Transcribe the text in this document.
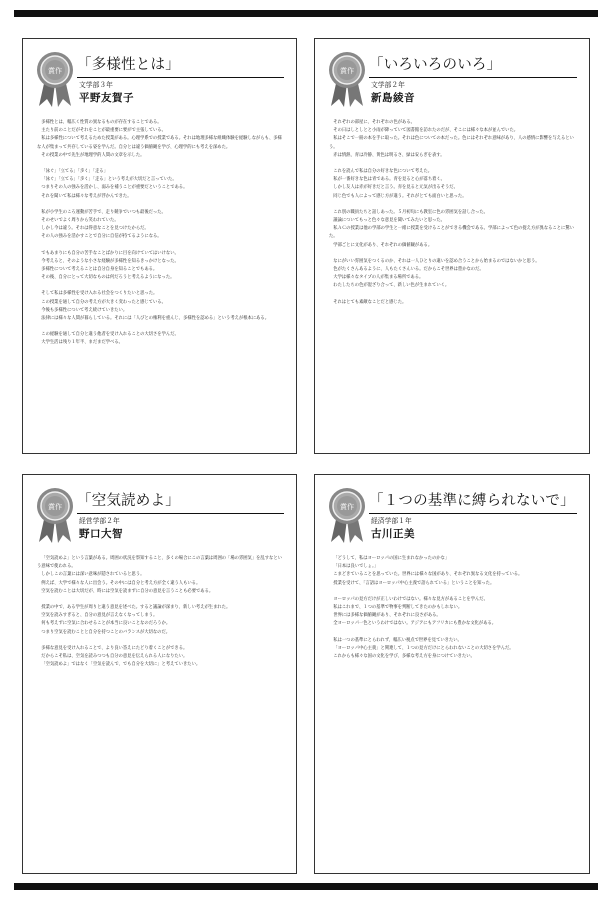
賞作 「多様性とは」
文学部３年
平野友賀子

多様性とは、幅広く性質の異なるものが存在することである。

主たり前のことだがそれをことが最重要に要がで主張している。

私は多様性について考えるためた授業がある。心理学系での授業である。それは地理多様な組織体験を経験しながらも、多様な人が集まって共存している姿を学んだ。自分とは違う価値観を学び、心理学的にも考えを深めた。

その授業の中で先生が地理学的人間の文章を示した。

「泳ぐ」「立てる」「歩く」「走る」

「泳ぐ」「立てる」「歩く」「走る」という考えが大切だと言っていた。

つまりその人の強みを活かし、弱みを補うことが重要だということである。

それを聞いて私は様々な考えが浮かんできた。

私が小学生のころ運動が苦手で、走り競争でいつも最後だった。

そのせいでよく周りから笑われていた。

しかし今は違う。それは得意なことを見つけたからだ。

その人の強みを活かすことで自分に自信が持てるようになる。

でもあまりにも自分の苦手なことばかりに目を向けていてはいけない。

今考えると、そのような小さな経験が多様性を知るきっかけとなった。

多様性について考えることは自分自身を知ることでもある。

その後、自分にとって大切なものは何だろうと考えるようになった。

そして私は多様性を受け入れる社会をつくりたいと思った。

この授業を通して自分の考え方が大きく変わったと感じている。

今後も多様性について考え続けていきたい。

法律には様々な人間が暮らしている。それには「人びとの権利を重んじ、多様性を認める」という考えが根本にある。

この経験を通して自分と違う他者を受け入れることの大切さを学んだ。

大学生活は残り１年半、まだまだ学べる。

賞作 「いろいろのいろ」
文学部２年
新島綾音

それぞれの部屋に、それぞれの色がある。

その日はしとしとと小雨が降っていて図書館を訪れたのだが、そこには様々な本が並んでいた。

私はそこで一冊の本を手に取った。それは色についての本だった。色にはそれぞれ意味があり、人の感情に影響を与えるという。

赤は情熱、青は冷静、黄色は明るさ、緑は安らぎを表す。

これを読んで私は自分の好きな色について考えた。

私が一番好きな色は青である。青を見ると心が落ち着く。

しかし友人は赤が好きだと言う。赤を見ると元気が出るそうだ。

同じ色でも人によって感じ方が違う。それがとても面白いと思った。

これ別の職員たちと話しあった。５月初旬にも教室に色の雰囲気を話し合った。

議論についてもっと色々な意見を聞いてみたいと思った。

私ＡＣの授業は他の学部の学生と一緒に授業を受けることができる機会である。学部によって色の捉え方が異なることに驚いた。

学部ごとに文化があり、それぞれの価値観がある。

なにがいい雰囲気をつくるのか、それは一人ひとりの違いを認め合うことから始まるのではないかと思う。

色がたくさんあるように、人もたくさんいる。だからこそ世界は豊かなのだ。

大学は様々なタイプの人が集まる場所である。

わたしたちの色が混ざり合って、新しい色が生まれていく。

それはとても素敵なことだと感じた。

賞作 「空気読めよ」
経営学部２年
野口大智

「空気読めよ」という言葉がある。周囲の状況を察知すること、多くの場合にこの言葉は周囲の「場の雰囲気」を乱すなという意味で使われる。

しかしこの言葉には深い意味が隠されていると思う。

例えば、大学で様々な人に出会う。その中には自分と考え方が全く違う人もいる。

空気を読むことは大切だが、時には空気を読まずに自分の意見を言うことも必要である。

授業の中で、ある学生が周りと違う意見を述べた。すると議論が深まり、新しい考えが生まれた。

空気を読みすぎると、自分の意見が言えなくなってしまう。

何も考えずに空気に合わせることが本当に良いことなのだろうか。

つまり空気を読むことと自分を持つことのバランスが大切なのだ。

多様な意見を受け入れることで、より良い答えにたどり着くことができる。

だからこそ私は、空気を読みつつも自分の意見を伝えられる人になりたい。

「空気読めよ」ではなく「空気を読んで、でも自分を大切に」と考えていきたい。

賞作 「１つの基準に縛られないで」
経済学部１年
古川正美

「どうして、私はヨーロッパの国に生まれなかったのかな」

「日本は良いでしょ。」

こまどきていることを思っていた。世界には様々な国があり、それぞれ異なる文化を持っている。

授業を受けて、「言語はヨーロッパ中心主義で語られている」ということを知った。

ヨーロッパの見方だけが正しいわけではない。様々な見方があることを学んだ。

私はこれまで、１つの基準で物事を判断してきたのかもしれない。

世界には多様な価値観があり、それぞれに良さがある。

全ヨーロッパ一色というわけではない。アジアにもアフリカにも豊かな文化がある。

私は一つの基準にとらわれず、幅広い視点で世界を見ていきたい。

「ヨーロッパ中心主義」と関連して、１つの見方だけにとらわれないことの大切さを学んだ。

これからも様々な国の文化を学び、多様な考え方を身につけていきたい。
